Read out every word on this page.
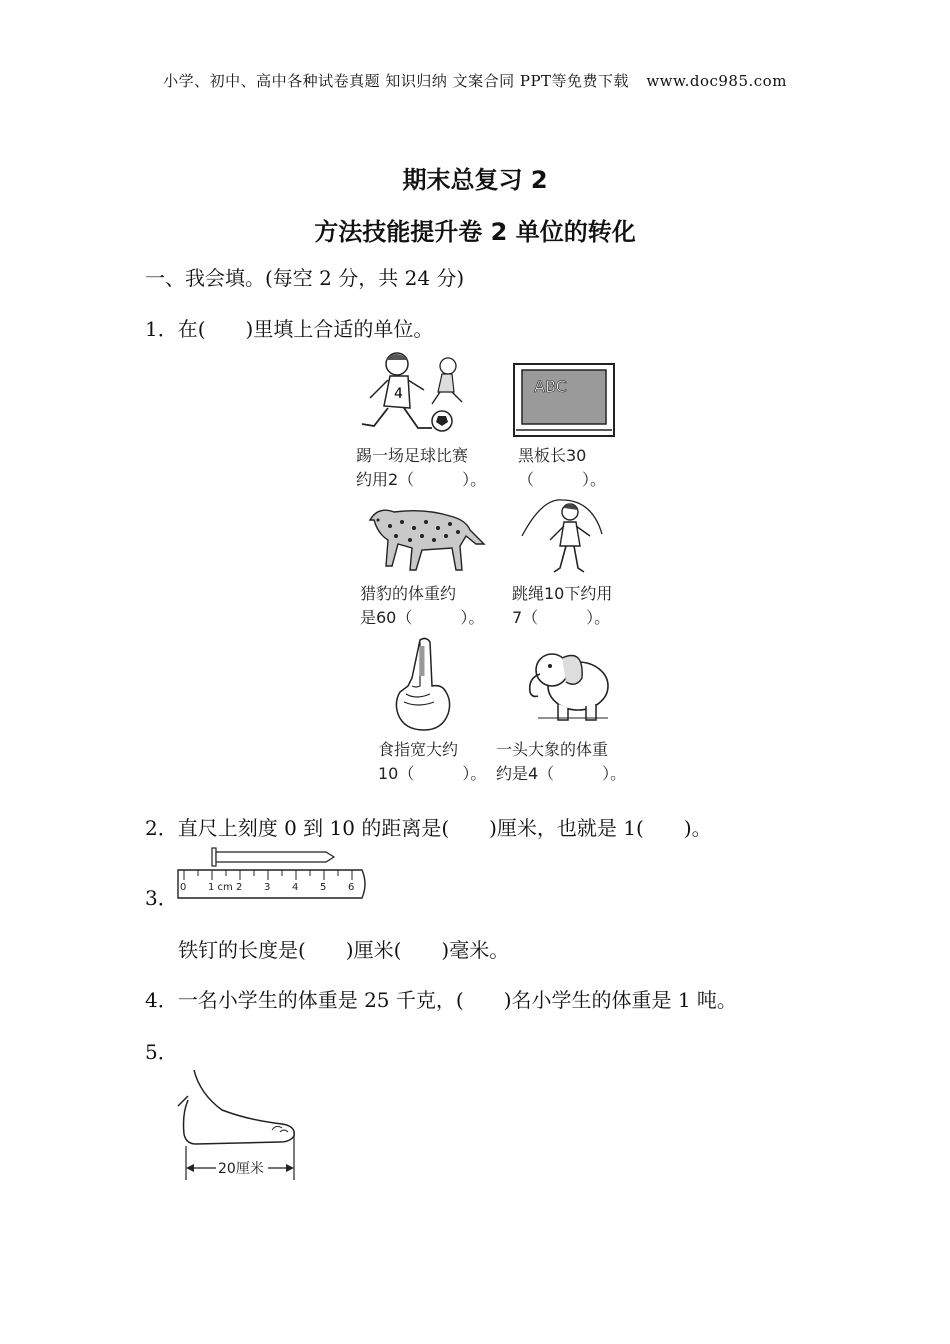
小学、初中、高中各种试卷真题 知识归纳 文案合同 PPT等免费下载 www.doc985.com
期末总复习 2
方法技能提升卷 2 单位的转化
一、我会填。(每空 2 分，共 24 分)
1．在(　　)里填上合适的单位。
4
踢一场足球比赛
约用2（　　　）。
ABC
黑板长30
（　　　）。
猎豹的体重约
是60（　　　）。
跳绳10下约用
7（　　　）。
食指宽大约
10（　　　）。
一头大象的体重
约是4（　　　）。
2．直尺上刻度 0 到 10 的距离是(　　)厘米，也就是 1(　　)。
3． 0 1 cm 2 3 4 5 6
铁钉的长度是(　　)厘米(　　)毫米。
4．一名小学生的体重是 25 千克，(　　)名小学生的体重是 1 吨。
5．
20厘米
